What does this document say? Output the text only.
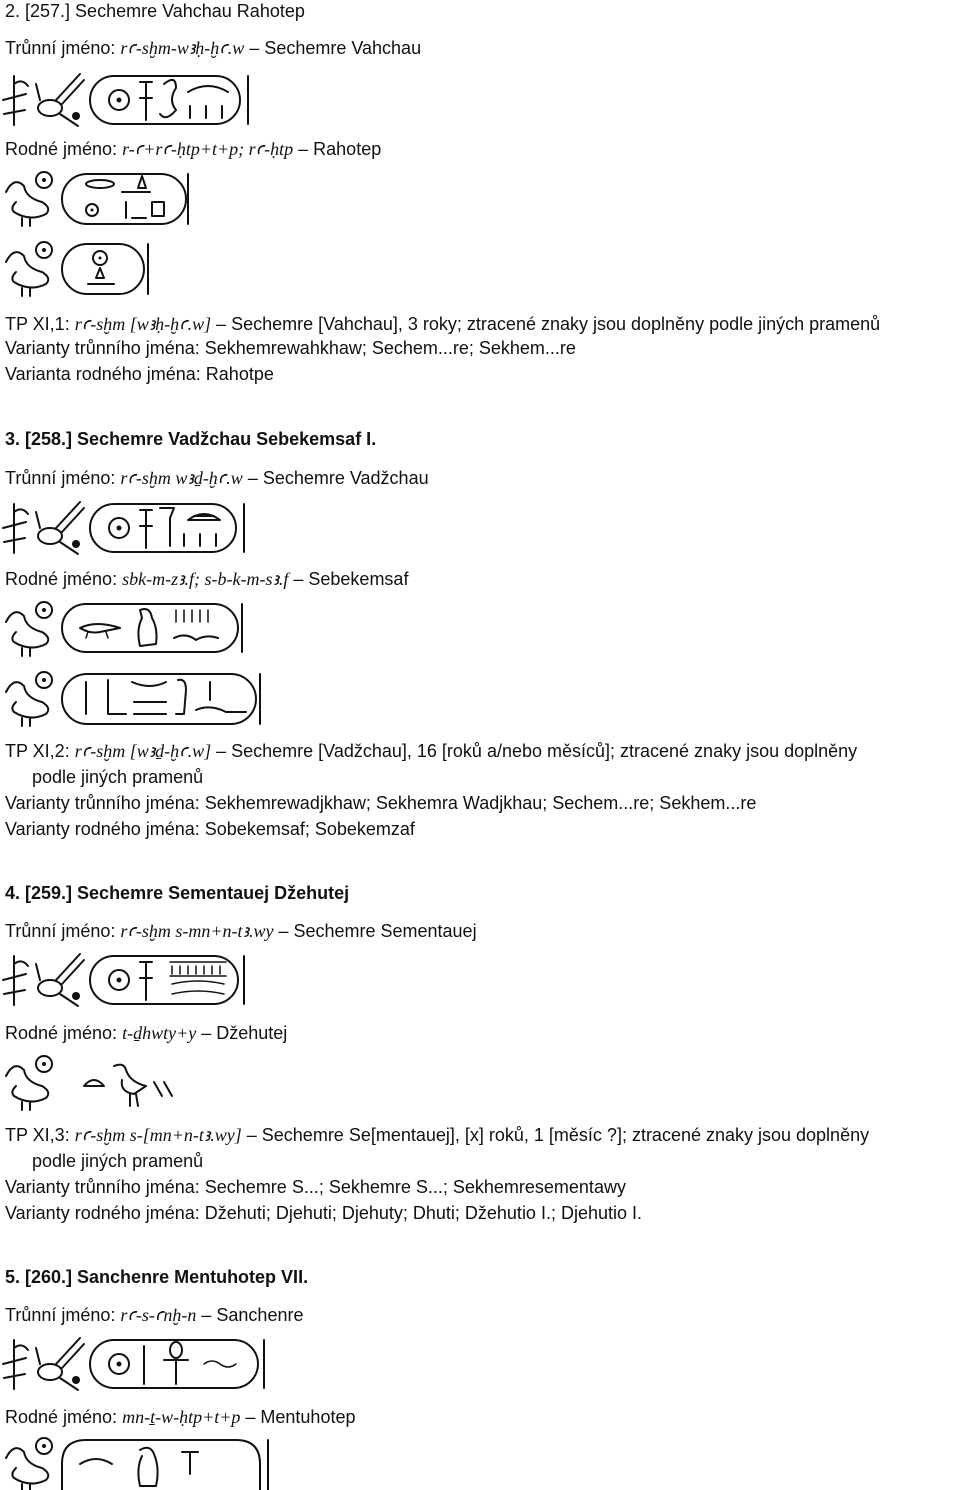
2. [257.] Sechemre Vahchau Rahotep
Trůnní jméno: rꜥ-sḫm-wꜣḥ-ḫꜥ.w – Sechemre Vahchau
Rodné jméno: r-ꜥ+rꜥ-ḥtp+t+p; rꜥ-ḥtp – Rahotep
TP XI,1: rꜥ-sḫm [wꜣḥ-ḫꜥ.w] – Sechemre [Vahchau], 3 roky; ztracené znaky jsou doplněny podle jiných pramenů
Varianty trůnního jména: Sekhemrewahkhaw; Sechem...re; Sekhem...re
Varianta rodného jména: Rahotpe
3. [258.] Sechemre Vadžchau Sebekemsaf I.
Trůnní jméno: rꜥ-sḫm wꜣḏ-ḫꜥ.w – Sechemre Vadžchau
Rodné jméno: sbk-m-zꜣ.f; s-b-k-m-sꜣ.f – Sebekemsaf
TP XI,2: rꜥ-sḫm [wꜣḏ-ḫꜥ.w] – Sechemre [Vadžchau], 16 [roků a/nebo měsíců]; ztracené znaky jsou doplněny
podle jiných pramenů
Varianty trůnního jména: Sekhemrewadjkhaw; Sekhemra Wadjkhau; Sechem...re; Sekhem...re
Varianty rodného jména: Sobekemsaf; Sobekemzaf
4. [259.] Sechemre Sementauej Džehutej
Trůnní jméno: rꜥ-sḫm s-mn+n-tꜣ.wy – Sechemre Sementauej
Rodné jméno: t-ḏhwty+y – Džehutej
TP XI,3: rꜥ-sḫm s-[mn+n-tꜣ.wy] – Sechemre Se[mentauej], [x] roků, 1 [měsíc ?]; ztracené znaky jsou doplněny
podle jiných pramenů
Varianty trůnního jména: Sechemre S...; Sekhemre S...; Sekhemresementawy
Varianty rodného jména: Džehuti; Djehuti; Djehuty; Dhuti; Džehutio I.; Djehutio I.
5. [260.] Sanchenre Mentuhotep VII.
Trůnní jméno: rꜥ-s-ꜥnḫ-n – Sanchenre
Rodné jméno: mn-ṯ-w-ḥtp+t+p – Mentuhotep
